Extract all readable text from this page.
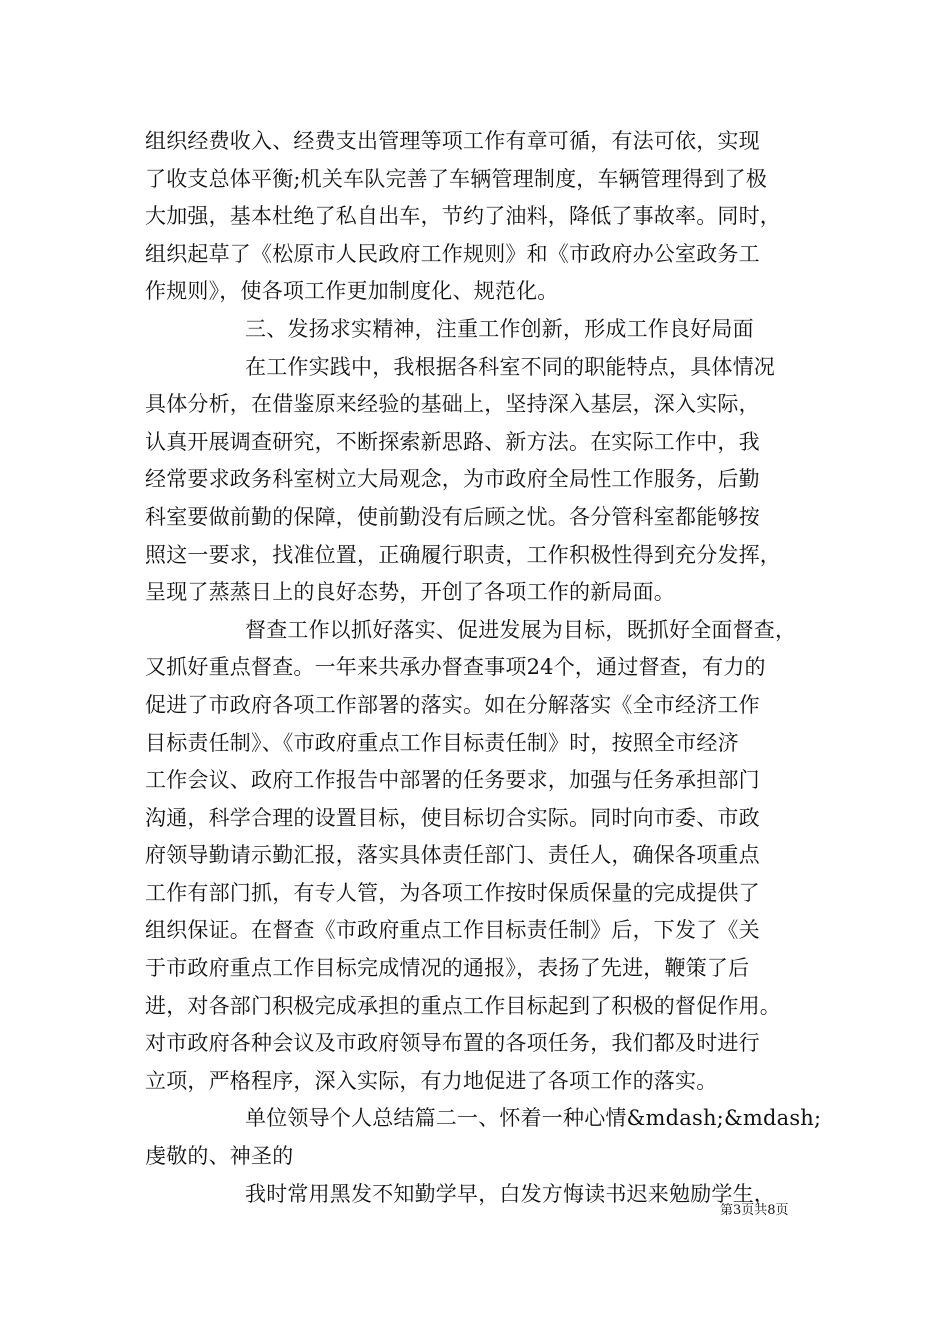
组织经费收入、经费支出管理等项工作有章可循，有法可依，实现
了收支总体平衡;机关车队完善了车辆管理制度，车辆管理得到了极
大加强，基本杜绝了私自出车，节约了油料，降低了事故率。同时，
组织起草了《松原市人民政府工作规则》和《市政府办公室政务工
作规则》，使各项工作更加制度化、规范化。
三、发扬求实精神，注重工作创新，形成工作良好局面
在工作实践中，我根据各科室不同的职能特点，具体情况
具体分析，在借鉴原来经验的基础上，坚持深入基层，深入实际，
认真开展调查研究，不断探索新思路、新方法。在实际工作中，我
经常要求政务科室树立大局观念，为市政府全局性工作服务，后勤
科室要做前勤的保障，使前勤没有后顾之忧。各分管科室都能够按
照这一要求，找准位置，正确履行职责，工作积极性得到充分发挥，
呈现了蒸蒸日上的良好态势，开创了各项工作的新局面。
督查工作以抓好落实、促进发展为目标，既抓好全面督查，
又抓好重点督查。一年来共承办督查事项24个，通过督查，有力的
促进了市政府各项工作部署的落实。如在分解落实《全市经济工作
目标责任制》、《市政府重点工作目标责任制》时，按照全市经济
工作会议、政府工作报告中部署的任务要求，加强与任务承担部门
沟通，科学合理的设置目标，使目标切合实际。同时向市委、市政
府领导勤请示勤汇报，落实具体责任部门、责任人，确保各项重点
工作有部门抓，有专人管，为各项工作按时保质保量的完成提供了
组织保证。在督查《市政府重点工作目标责任制》后，下发了《关
于市政府重点工作目标完成情况的通报》，表扬了先进，鞭策了后
进，对各部门积极完成承担的重点工作目标起到了积极的督促作用。
对市政府各种会议及市政府领导布置的各项任务，我们都及时进行
立项，严格程序，深入实际，有力地促进了各项工作的落实。
单位领导个人总结篇二一、怀着一种心情&mdash;&mdash;
虔敬的、神圣的
我时常用黑发不知勤学早，白发方悔读书迟来勉励学生，
第3页共8页
